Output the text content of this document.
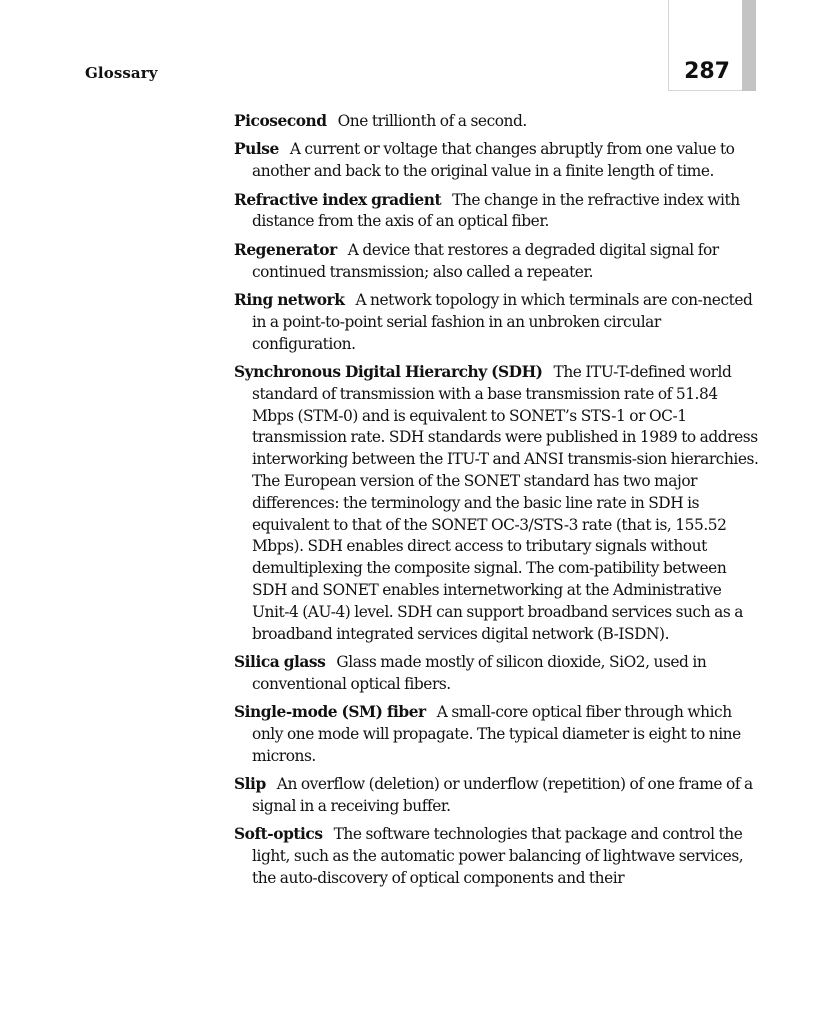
Glossary	287

Picosecond One trillionth of a second.

Pulse A current or voltage that changes abruptly from one value to another and back to the original value in a finite length of time.

Refractive index gradient The change in the refractive index with distance from the axis of an optical fiber.

Regenerator A device that restores a degraded digital signal for continued transmission; also called a repeater.

Ring network A network topology in which terminals are con-nected in a point-to-point serial fashion in an unbroken circular configuration.

Synchronous Digital Hierarchy (SDH) The ITU-T-defined world standard of transmission with a base transmission rate of 51.84 Mbps (STM-0) and is equivalent to SONET’s STS-1 or OC-1 transmission rate. SDH standards were published in 1989 to address interworking between the ITU-T and ANSI transmis-sion hierarchies. The European version of the SONET standard has two major differences: the terminology and the basic line rate in SDH is equivalent to that of the SONET OC-3/STS-3 rate (that is, 155.52 Mbps). SDH enables direct access to tributary signals without demultiplexing the composite signal. The com-patibility between SDH and SONET enables internetworking at the Administrative Unit-4 (AU-4) level. SDH can support broadband services such as a broadband integrated services digital network (B-ISDN).

Silica glass Glass made mostly of silicon dioxide, SiO2, used in conventional optical fibers.

Single-mode (SM) fiber A small-core optical fiber through which only one mode will propagate. The typical diameter is eight to nine microns.

Slip An overflow (deletion) or underflow (repetition) of one frame of a signal in a receiving buffer.

Soft-optics The software technologies that package and control the light, such as the automatic power balancing of lightwave services, the auto-discovery of optical components and their
